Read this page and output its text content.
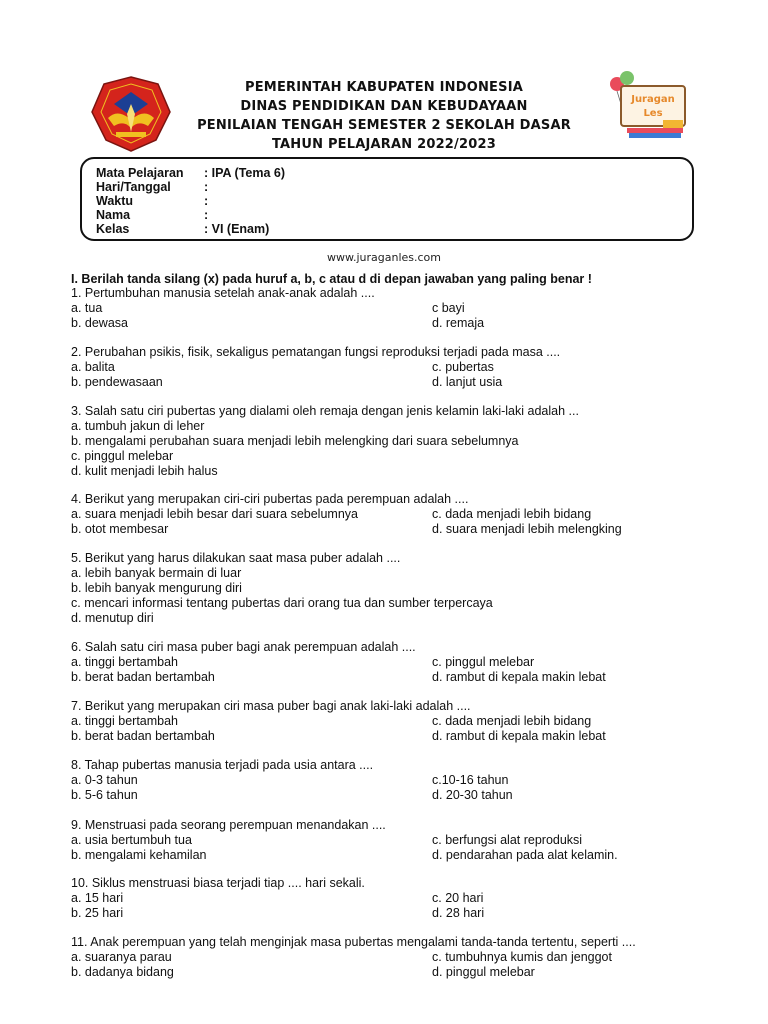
PEMERINTAH KABUPATEN INDONESIA
DINAS PENDIDIKAN DAN KEBUDAYAAN
PENILAIAN TENGAH SEMESTER 2 SEKOLAH DASAR
TAHUN PELAJARAN 2022/2023
Juragan
Les
Mata Pelajaran : IPA (Tema 6)
Hari/Tanggal	:
Waktu	:
Nama	:
Kelas	: VI (Enam)
www.juraganles.com
I. Berilah tanda silang (x) pada huruf a, b, c atau d di depan jawaban yang paling benar !
1. Pertumbuhan manusia setelah anak-anak adalah ....
a. tua	c bayi
b. dewasa	d. remaja
2. Perubahan psikis, fisik, sekaligus pematangan fungsi reproduksi terjadi pada masa ....
a. balita	c. pubertas
b. pendewasaan	d. lanjut usia
3. Salah satu ciri pubertas yang dialami oleh remaja dengan jenis kelamin laki-laki adalah ...
a. tumbuh jakun di leher
b. mengalami perubahan suara menjadi lebih melengking dari suara sebelumnya
c. pinggul melebar
d. kulit menjadi lebih halus
4. Berikut yang merupakan ciri-ciri pubertas pada perempuan adalah ....
a. suara menjadi lebih besar dari suara sebelumnya	c. dada menjadi lebih bidang
b. otot membesar	d. suara menjadi lebih melengking
5. Berikut yang harus dilakukan saat masa puber adalah ....
a. lebih banyak bermain di luar
b. lebih banyak mengurung diri
c. mencari informasi tentang pubertas dari orang tua dan sumber terpercaya
d. menutup diri
6. Salah satu ciri masa puber bagi anak perempuan adalah ....
a. tinggi bertambah	c. pinggul melebar
b. berat badan bertambah	d. rambut di kepala makin lebat
7. Berikut yang merupakan ciri masa puber bagi anak laki-laki adalah ....
a. tinggi bertambah	c. dada menjadi lebih bidang
b. berat badan bertambah	d. rambut di kepala makin lebat
8. Tahap pubertas manusia terjadi pada usia antara ....
a. 0-3 tahun	c.10-16 tahun
b. 5-6 tahun	d. 20-30 tahun
9. Menstruasi pada seorang perempuan menandakan ....
a. usia bertumbuh tua	c. berfungsi alat reproduksi
b. mengalami kehamilan	d. pendarahan pada alat kelamin.
10. Siklus menstruasi biasa terjadi tiap .... hari sekali.
a. 15 hari	c. 20 hari
b. 25 hari	d. 28 hari
11. Anak perempuan yang telah menginjak masa pubertas mengalami tanda-tanda tertentu, seperti ....
a. suaranya parau	c. tumbuhnya kumis dan jenggot
b. dadanya bidang	d. pinggul melebar
